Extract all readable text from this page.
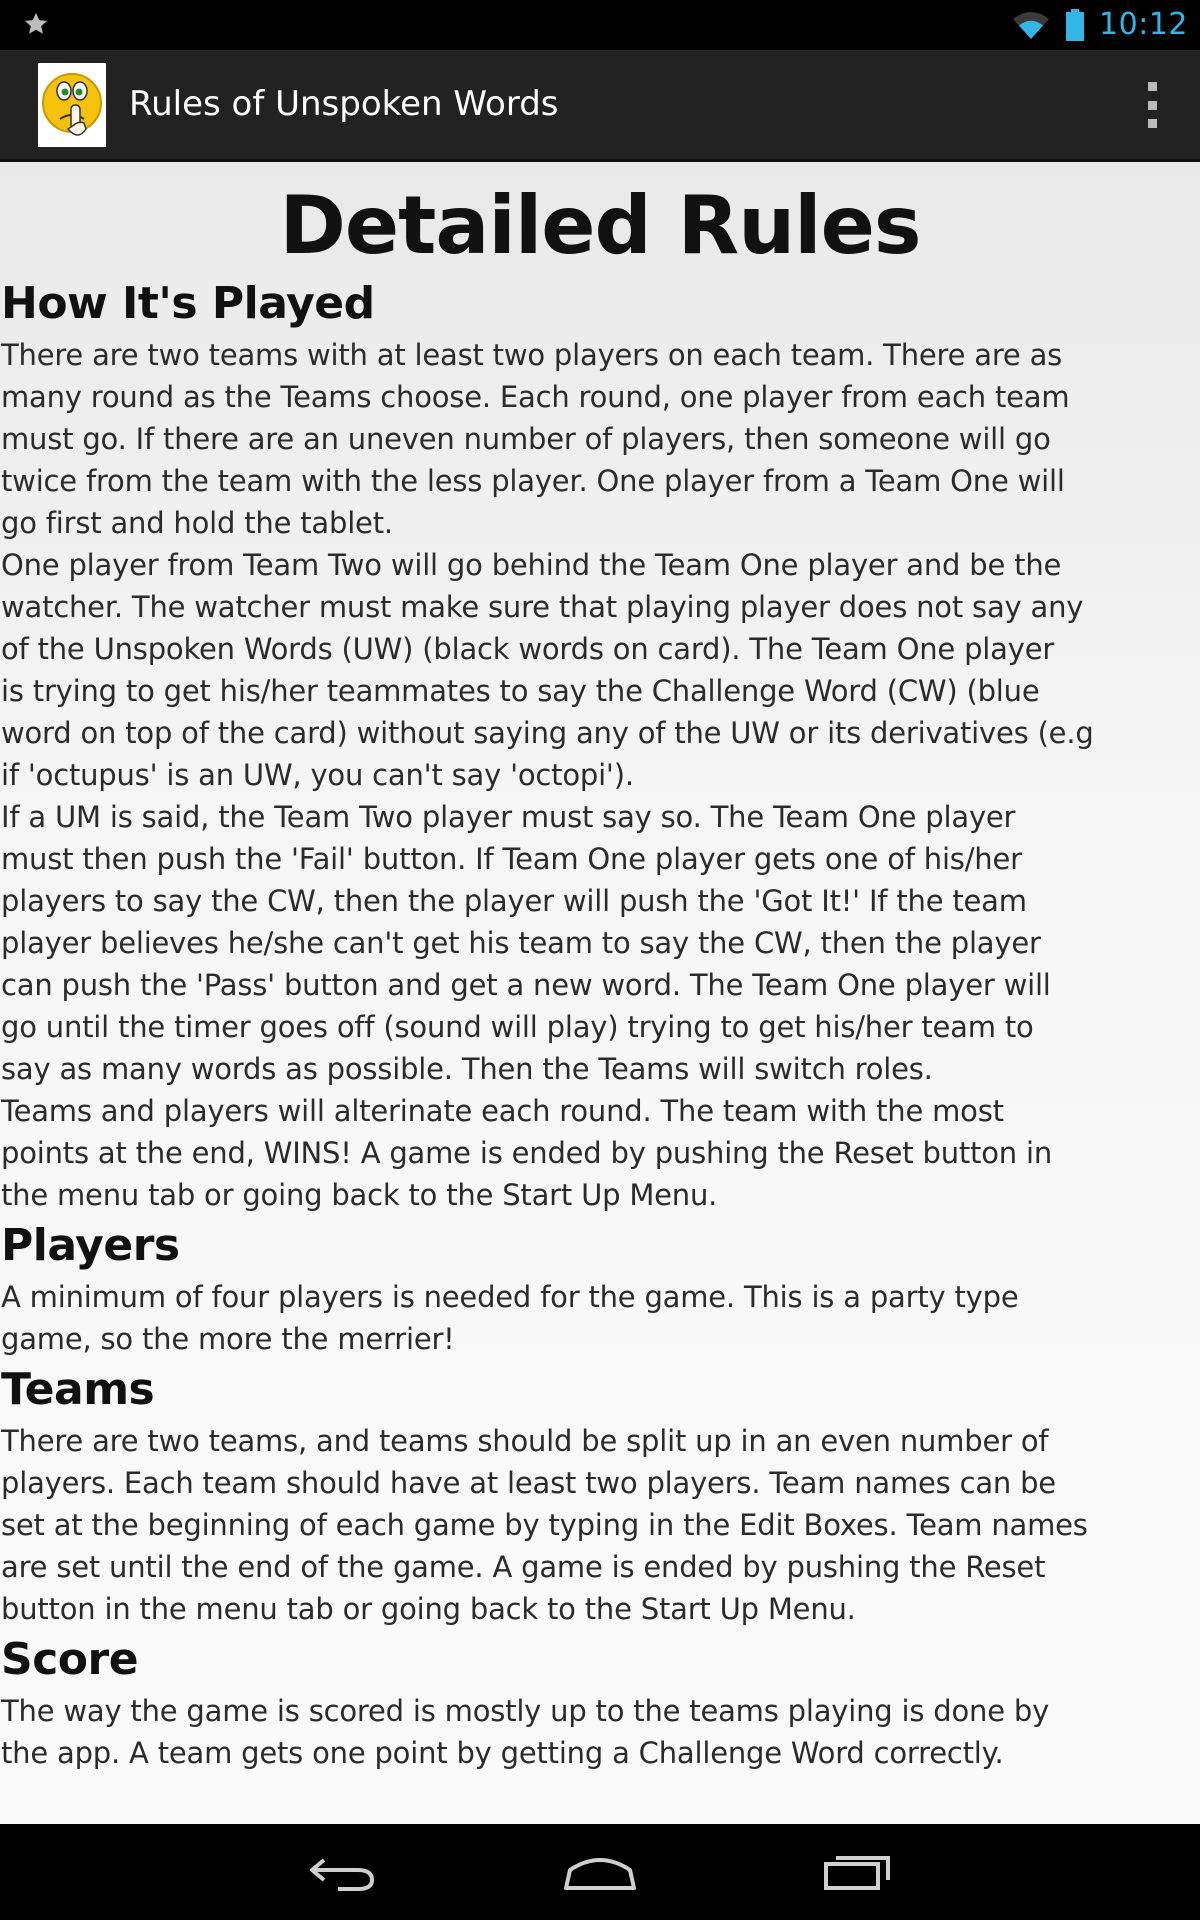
10:12
Rules of Unspoken Words
Detailed Rules
How It's Played

There are two teams with at least two players on each team. There are as

many round as the Teams choose. Each round, one player from each team

must go. If there are an uneven number of players, then someone will go

twice from the team with the less player. One player from a Team One will

go first and hold the tablet.

One player from Team Two will go behind the Team One player and be the

watcher. The watcher must make sure that playing player does not say any

of the Unspoken Words (UW) (black words on card). The Team One player

is trying to get his/her teammates to say the Challenge Word (CW) (blue

word on top of the card) without saying any of the UW or its derivatives (e.g

if 'octupus' is an UW, you can't say 'octopi').

If a UM is said, the Team Two player must say so. The Team One player

must then push the 'Fail' button. If Team One player gets one of his/her

players to say the CW, then the player will push the 'Got It!' If the team

player believes he/she can't get his team to say the CW, then the player

can push the 'Pass' button and get a new word. The Team One player will

go until the timer goes off (sound will play) trying to get his/her team to

say as many words as possible. Then the Teams will switch roles.

Teams and players will alterinate each round. The team with the most

points at the end, WINS! A game is ended by pushing the Reset button in

the menu tab or going back to the Start Up Menu.

Players

A minimum of four players is needed for the game. This is a party type

game, so the more the merrier!

Teams

There are two teams, and teams should be split up in an even number of

players. Each team should have at least two players. Team names can be

set at the beginning of each game by typing in the Edit Boxes. Team names

are set until the end of the game. A game is ended by pushing the Reset

button in the menu tab or going back to the Start Up Menu.

Score

The way the game is scored is mostly up to the teams playing is done by

the app. A team gets one point by getting a Challenge Word correctly.
